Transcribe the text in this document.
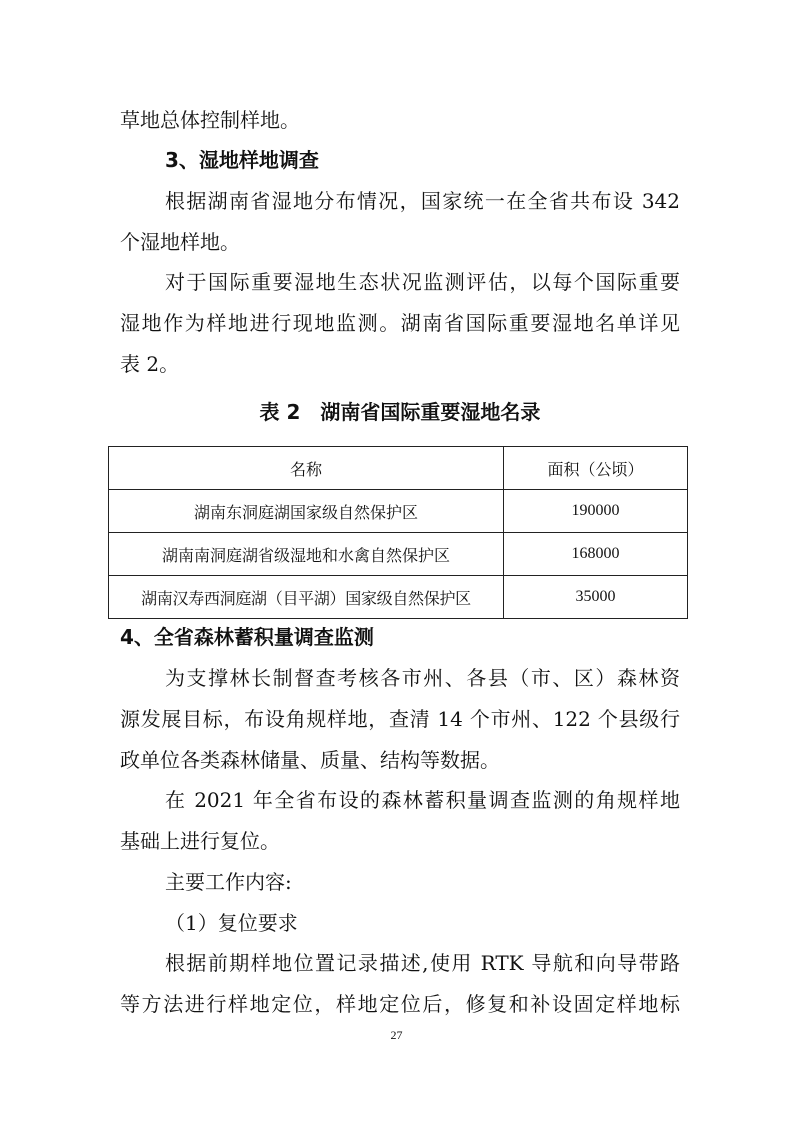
草地总体控制样地。
3、湿地样地调查
根据湖南省湿地分布情况，国家统一在全省共布设 342
个湿地样地。
对于国际重要湿地生态状况监测评估，以每个国际重要
湿地作为样地进行现地监测。湖南省国际重要湿地名单详见
表 2。
表 2　湖南省国际重要湿地名录
名称	面积（公顷）
湖南东洞庭湖国家级自然保护区	190000
湖南南洞庭湖省级湿地和水禽自然保护区	168000
湖南汉寿西洞庭湖（目平湖）国家级自然保护区	35000
4、全省森林蓄积量调查监测
为支撑林长制督查考核各市州、各县（市、区）森林资
源发展目标，布设角规样地，查清 14 个市州、122 个县级行
政单位各类森林储量、质量、结构等数据。
在 2021 年全省布设的森林蓄积量调查监测的角规样地
基础上进行复位。
主要工作内容:
（1）复位要求
根据前期样地位置记录描述,使用 RTK 导航和向导带路
等方法进行样地定位，样地定位后，修复和补设固定样地标
27
